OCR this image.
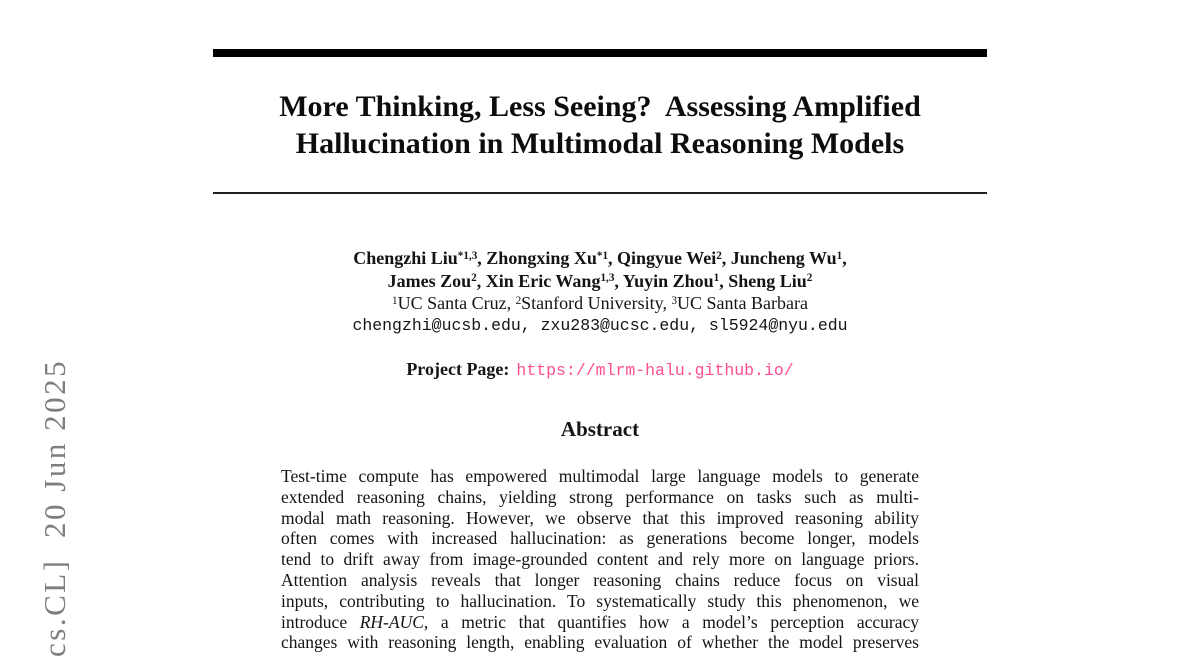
cs.CL]  20 Jun 2025
More Thinking, Less Seeing?  Assessing Amplified
Hallucination in Multimodal Reasoning Models
Chengzhi Liu$^{*1,3}$, Zhongxing Xu$^{*1}$, Qingyue Wei$^2$, Juncheng Wu$^1$,
James Zou$^2$, Xin Eric Wang$^{1,3}$, Yuyin Zhou$^1$, Sheng Liu$^2$
$^1$UC Santa Cruz, $^2$Stanford University, $^3$UC Santa Barbara
chengzhi@ucsb.edu, zxu283@ucsc.edu, sl5924@nyu.edu
Project Page: https://mlrm-halu.github.io/
Abstract
Test-time compute has empowered multimodal large language models to generate
extended reasoning chains, yielding strong performance on tasks such as multi-
modal math reasoning. However, we observe that this improved reasoning ability
often comes with increased hallucination: as generations become longer, models
tend to drift away from image-grounded content and rely more on language priors.
Attention analysis reveals that longer reasoning chains reduce focus on visual
inputs, contributing to hallucination. To systematically study this phenomenon, we
introduce RH-AUC, a metric that quantifies how a model’s perception accuracy
changes with reasoning length, enabling evaluation of whether the model preserves
